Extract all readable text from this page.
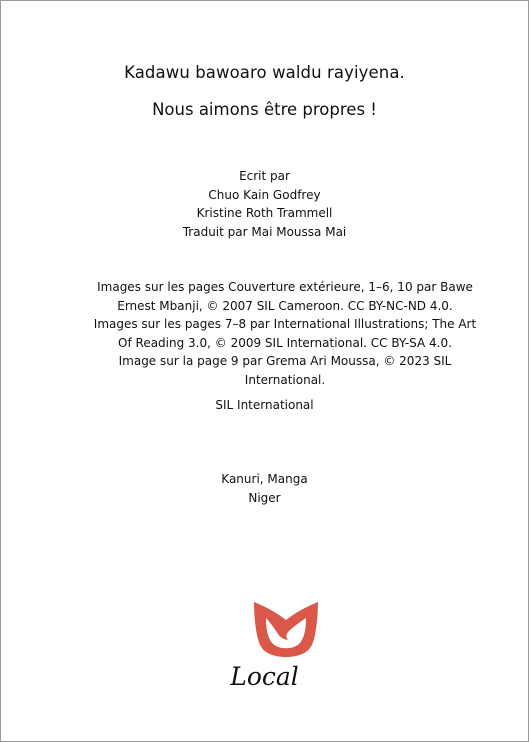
Kadawu bawoaro waldu rayiyena.
Nous aimons être propres !
Ecrit par
Chuo Kain Godfrey
Kristine Roth Trammell
Traduit par Mai Moussa Mai
Images sur les pages Couverture extérieure, 1–6, 10 par Bawe
Ernest Mbanji, © 2007 SIL Cameroon. CC BY-NC-ND 4.0.
Images sur les pages 7–8 par International Illustrations; The Art
Of Reading 3.0, © 2009 SIL International. CC BY-SA 4.0.
Image sur la page 9 par Grema Ari Moussa, © 2023 SIL
International.
SIL International
Kanuri, Manga
Niger
Local
